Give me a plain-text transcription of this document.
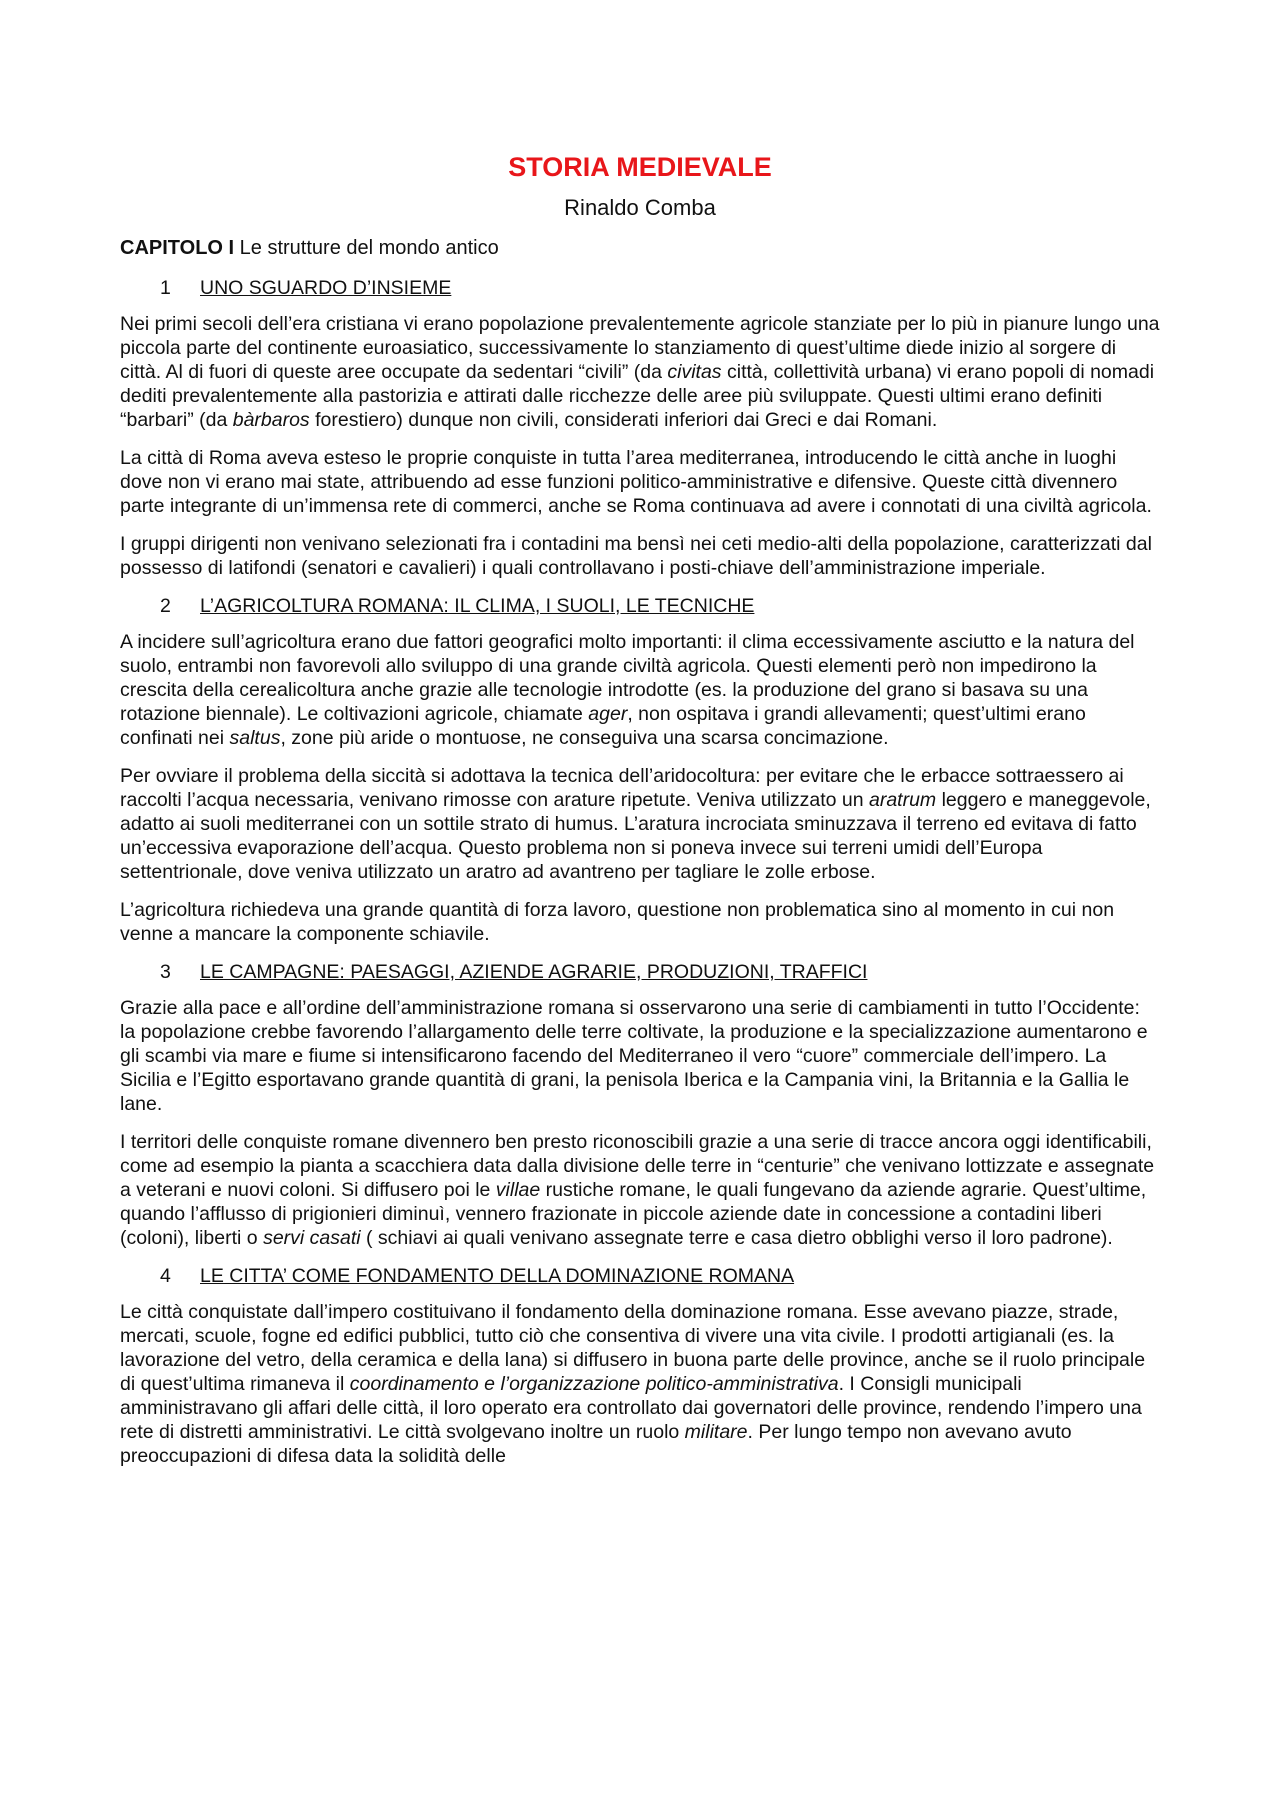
STORIA MEDIEVALE
Rinaldo Comba
CAPITOLO I Le strutture del mondo antico
1	UNO SGUARDO D’INSIEME

Nei primi secoli dell’era cristiana vi erano popolazione prevalentemente agricole stanziate per lo più in pianure lungo una piccola parte del continente euroasiatico, successivamente lo stanziamento di quest’ultime diede inizio al sorgere di città. Al di fuori di queste aree occupate da sedentari “civili” (da civitas città, collettività urbana) vi erano popoli di nomadi dediti prevalentemente alla pastorizia e attirati dalle ricchezze delle aree più sviluppate. Questi ultimi erano definiti “barbari” (da bàrbaros forestiero) dunque non civili, considerati inferiori dai Greci e dai Romani.

La città di Roma aveva esteso le proprie conquiste in tutta l’area mediterranea, introducendo le città anche in luoghi dove non vi erano mai state, attribuendo ad esse funzioni politico-amministrative e difensive. Queste città divennero parte integrante di un’immensa rete di commerci, anche se Roma continuava ad avere i connotati di una civiltà agricola.

I gruppi dirigenti non venivano selezionati fra i contadini ma bensì nei ceti medio-alti della popolazione, caratterizzati dal possesso di latifondi (senatori e cavalieri) i quali controllavano i posti-chiave dell’amministrazione imperiale.

2	L’AGRICOLTURA ROMANA: IL CLIMA, I SUOLI, LE TECNICHE

A incidere sull’agricoltura erano due fattori geografici molto importanti: il clima eccessivamente asciutto e la natura del suolo, entrambi non favorevoli allo sviluppo di una grande civiltà agricola. Questi elementi però non impedirono la crescita della cerealicoltura anche grazie alle tecnologie introdotte (es. la produzione del grano si basava su una rotazione biennale). Le coltivazioni agricole, chiamate ager, non ospitava i grandi allevamenti; quest’ultimi erano confinati nei saltus, zone più aride o montuose, ne conseguiva una scarsa concimazione.

Per ovviare il problema della siccità si adottava la tecnica dell’aridocoltura: per evitare che le erbacce sottraessero ai raccolti l’acqua necessaria, venivano rimosse con arature ripetute. Veniva utilizzato un aratrum leggero e maneggevole, adatto ai suoli mediterranei con un sottile strato di humus. L’aratura incrociata sminuzzava il terreno ed evitava di fatto un’eccessiva evaporazione dell’acqua. Questo problema non si poneva invece sui terreni umidi dell’Europa settentrionale, dove veniva utilizzato un aratro ad avantreno per tagliare le zolle erbose.

L’agricoltura richiedeva una grande quantità di forza lavoro, questione non problematica sino al momento in cui non venne a mancare la componente schiavile.

3	LE CAMPAGNE: PAESAGGI, AZIENDE AGRARIE, PRODUZIONI, TRAFFICI

Grazie alla pace e all’ordine dell’amministrazione romana si osservarono una serie di cambiamenti in tutto l’Occidente: la popolazione crebbe favorendo l’allargamento delle terre coltivate, la produzione e la specializzazione aumentarono e gli scambi via mare e fiume si intensificarono facendo del Mediterraneo il vero “cuore” commerciale dell’impero. La Sicilia e l’Egitto esportavano grande quantità di grani, la penisola Iberica e la Campania vini, la Britannia e la Gallia le lane.

I territori delle conquiste romane divennero ben presto riconoscibili grazie a una serie di tracce ancora oggi identificabili, come ad esempio la pianta a scacchiera data dalla divisione delle terre in “centurie” che venivano lottizzate e assegnate a veterani e nuovi coloni. Si diffusero poi le villae rustiche romane, le quali fungevano da aziende agrarie. Quest’ultime, quando l’afflusso di prigionieri diminuì, vennero frazionate in piccole aziende date in concessione a contadini liberi (coloni), liberti o servi casati ( schiavi ai quali venivano assegnate terre e casa dietro obblighi verso il loro padrone).

4	LE CITTA’ COME FONDAMENTO DELLA DOMINAZIONE ROMANA

Le città conquistate dall’impero costituivano il fondamento della dominazione romana. Esse avevano piazze, strade, mercati, scuole, fogne ed edifici pubblici, tutto ciò che consentiva di vivere una vita civile. I prodotti artigianali (es. la lavorazione del vetro, della ceramica e della lana) si diffusero in buona parte delle province, anche se il ruolo principale di quest’ultima rimaneva il coordinamento e l’organizzazione politico-amministrativa. I Consigli municipali amministravano gli affari delle città, il loro operato era controllato dai governatori delle province, rendendo l’impero una rete di distretti amministrativi. Le città svolgevano inoltre un ruolo militare. Per lungo tempo non avevano avuto preoccupazioni di difesa data la solidità delle
